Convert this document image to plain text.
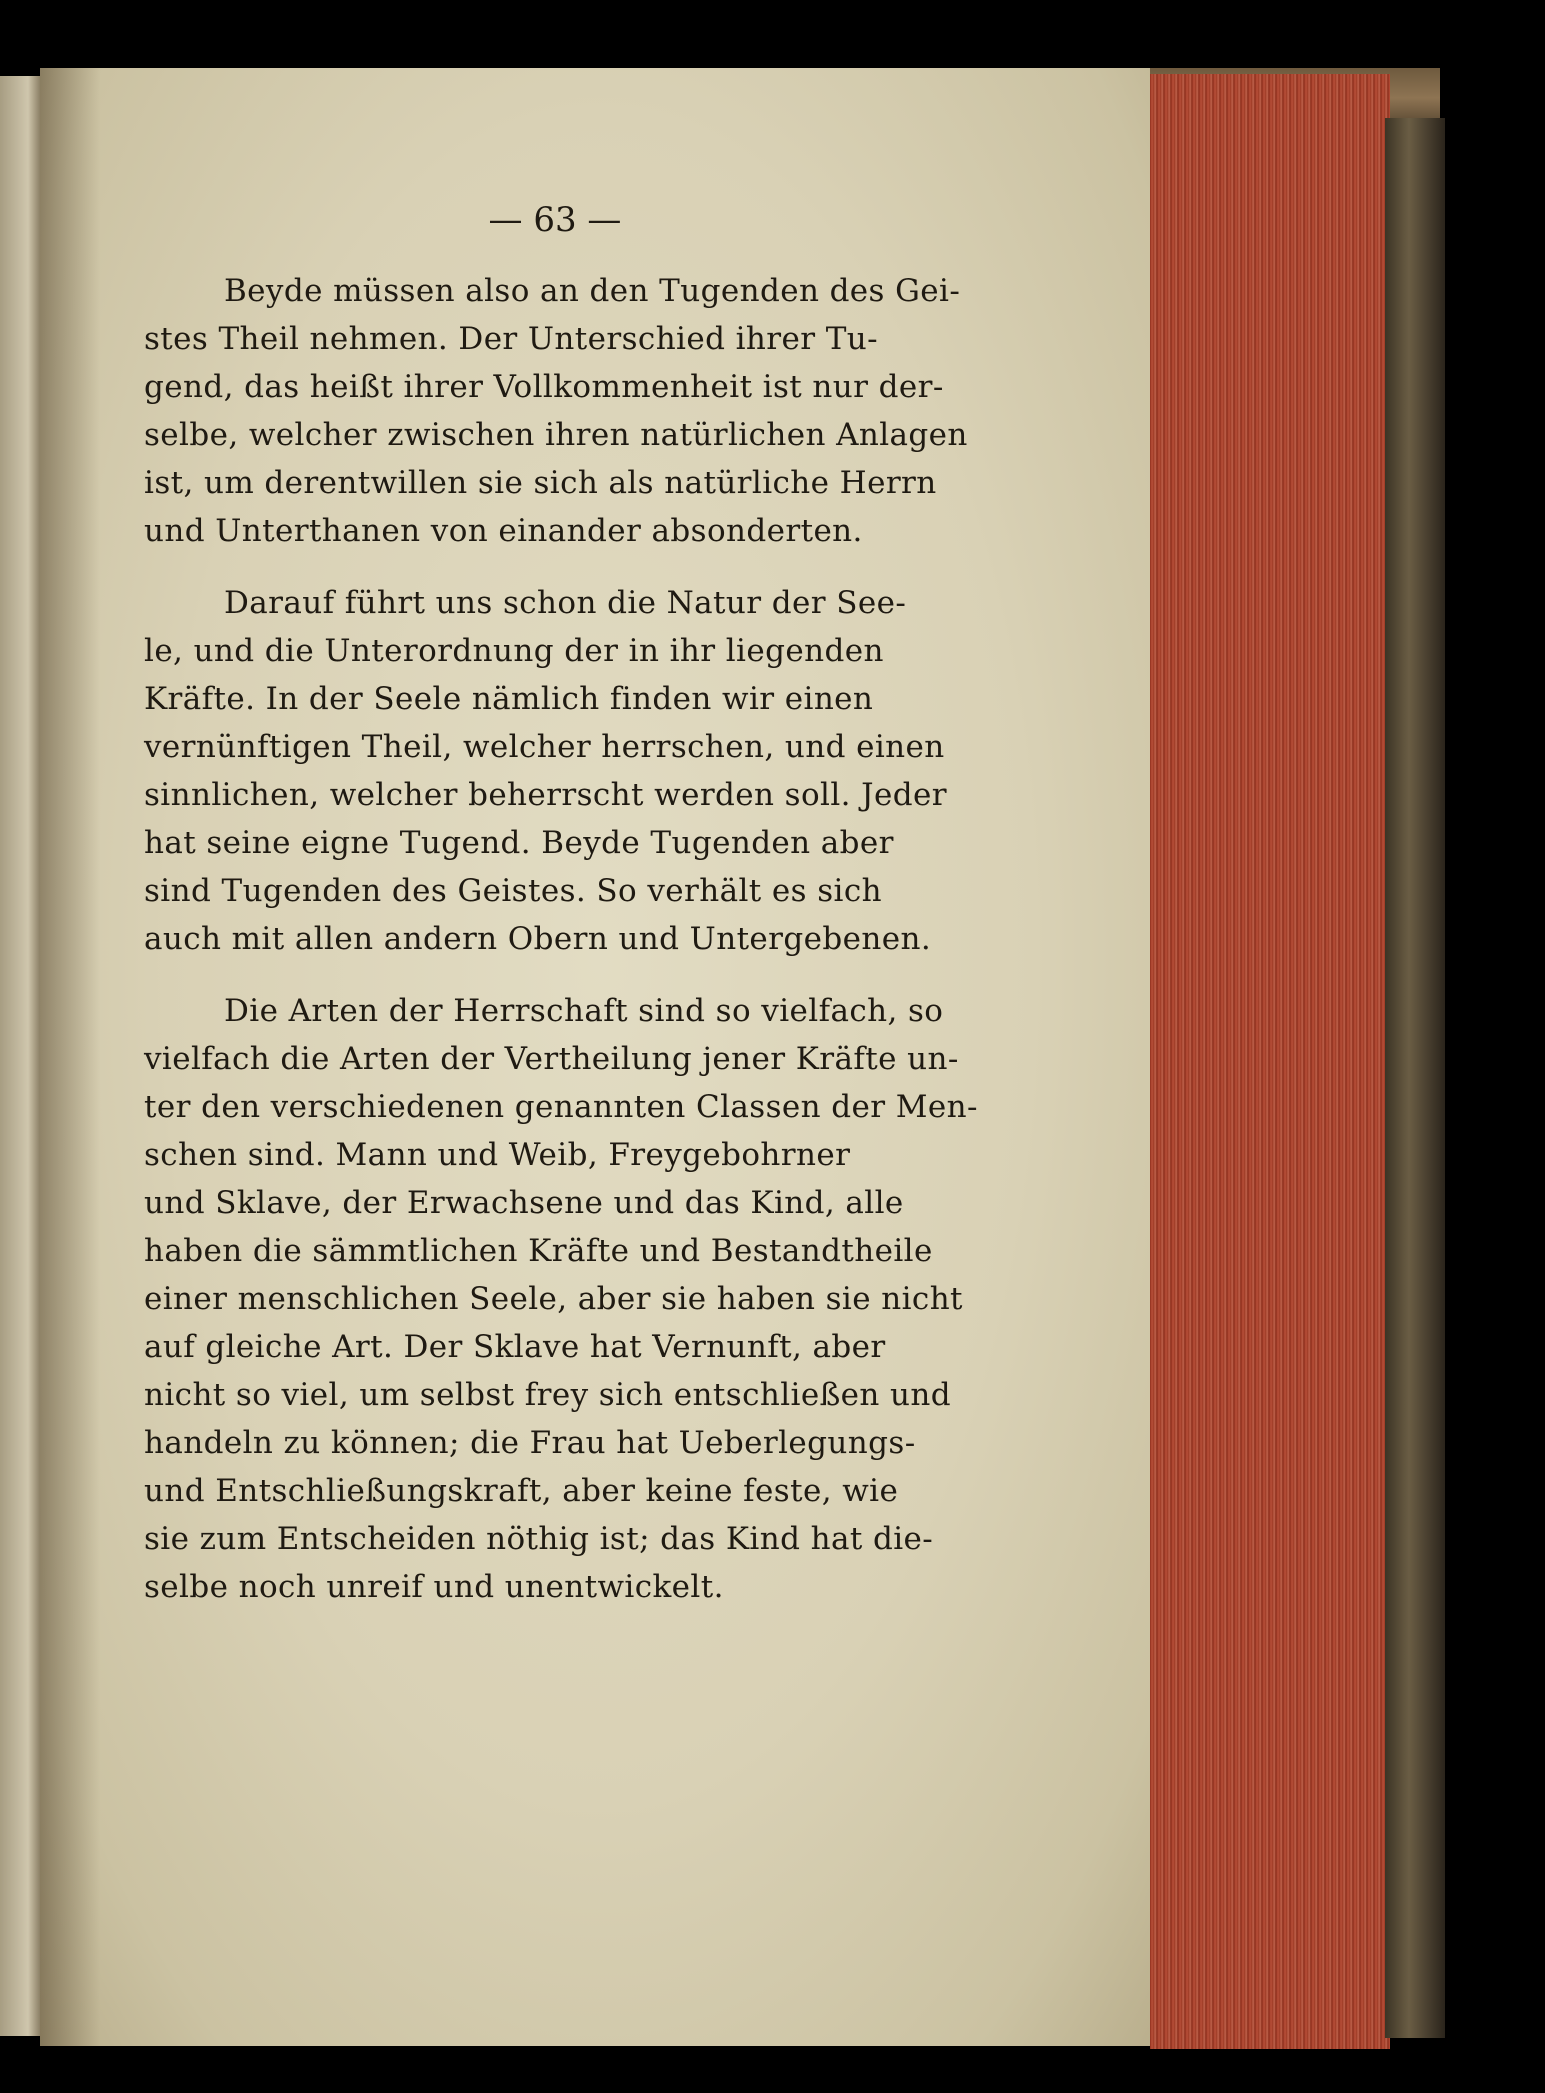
— 63 —
Beyde müssen also an den Tugenden des Gei-
stes Theil nehmen. Der Unterschied ihrer Tu-
gend, das heißt ihrer Vollkommenheit ist nur der-
selbe, welcher zwischen ihren natürlichen Anlagen
ist, um derentwillen sie sich als natürliche Herrn
und Unterthanen von einander absonderten.
Darauf führt uns schon die Natur der See-
le, und die Unterordnung der in ihr liegenden
Kräfte. In der Seele nämlich finden wir einen
vernünftigen Theil, welcher herrschen, und einen
sinnlichen, welcher beherrscht werden soll. Jeder
hat seine eigne Tugend. Beyde Tugenden aber
sind Tugenden des Geistes. So verhält es sich
auch mit allen andern Obern und Untergebenen.
Die Arten der Herrschaft sind so vielfach, so
vielfach die Arten der Vertheilung jener Kräfte un-
ter den verschiedenen genannten Classen der Men-
schen sind. Mann und Weib, Freygebohrner
und Sklave, der Erwachsene und das Kind, alle
haben die sämmtlichen Kräfte und Bestandtheile
einer menschlichen Seele, aber sie haben sie nicht
auf gleiche Art. Der Sklave hat Vernunft, aber
nicht so viel, um selbst frey sich entschließen und
handeln zu können; die Frau hat Ueberlegungs-
und Entschließungskraft, aber keine feste, wie
sie zum Entscheiden nöthig ist; das Kind hat die-
selbe noch unreif und unentwickelt.
